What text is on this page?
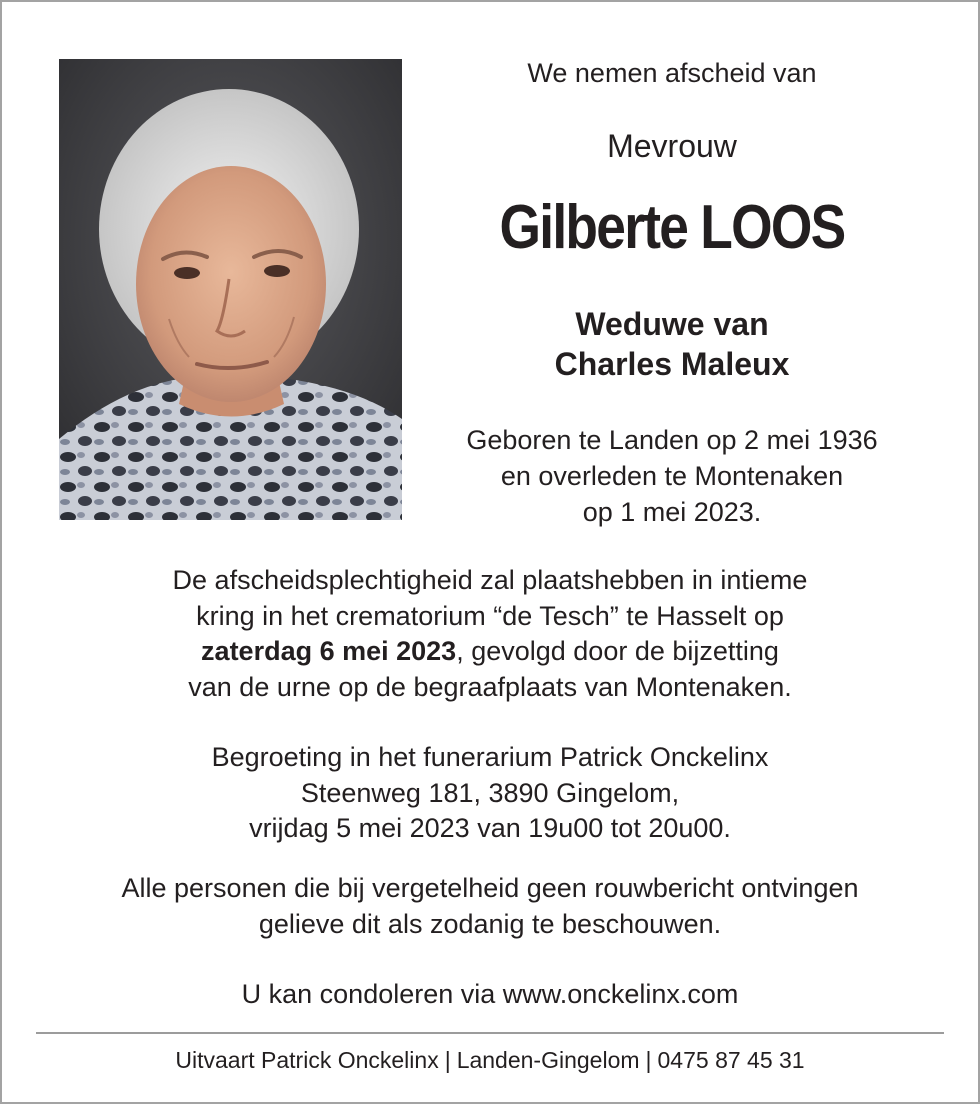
We nemen afscheid van
Mevrouw
Gilberte LOOS
Weduwe van
Charles Maleux
Geboren te Landen op 2 mei 1936
en overleden te Montenaken
op 1 mei 2023.
De afscheidsplechtigheid zal plaatshebben in intieme
kring in het crematorium “de Tesch” te Hasselt op
zaterdag 6 mei 2023, gevolgd door de bijzetting
van de urne op de begraafplaats van Montenaken.
Begroeting in het funerarium Patrick Onckelinx
Steenweg 181, 3890 Gingelom,
vrijdag 5 mei 2023 van 19u00 tot 20u00.
Alle personen die bij vergetelheid geen rouwbericht ontvingen
gelieve dit als zodanig te beschouwen.
U kan condoleren via www.onckelinx.com
Uitvaart Patrick Onckelinx | Landen-Gingelom | 0475 87 45 31
